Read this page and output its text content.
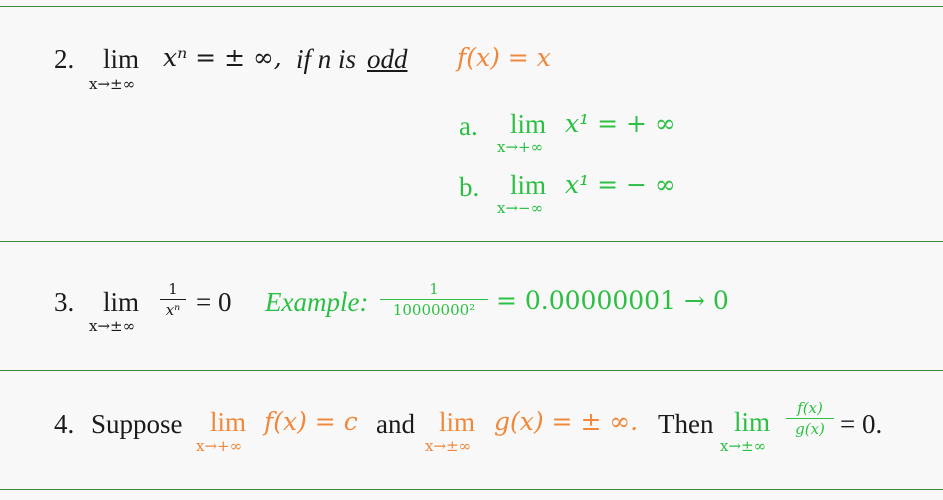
2. lim
x→±∞
xⁿ = ± ∞, if n is odd f(x) = x
a. lim
x→+∞
x¹ = + ∞
b. lim
x→−∞
x¹ = − ∞
3. lim
x→±∞
1
xⁿ = 0 Example:	1
10000000² = 0.00000001 → 0
4. Suppose lim
x→+∞
f(x) = c and lim
x→±∞
g(x) = ± ∞. Then lim
x→±∞
f(x)
g(x) = 0.
